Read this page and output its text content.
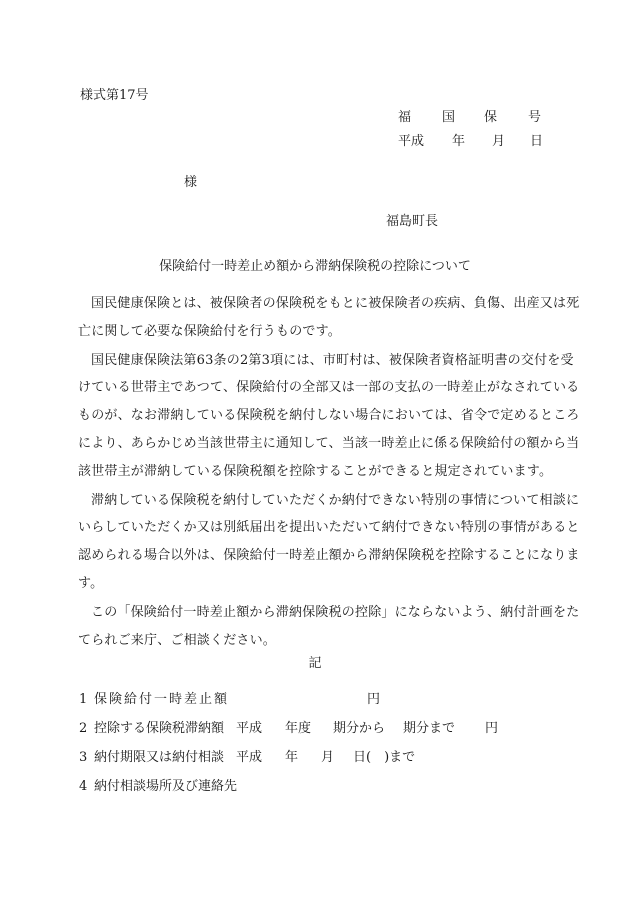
様式第17号
福	国	保	号
平成	年	月	日
様
福島町長
保険給付一時差止め額から滞納保険税の控除について

国民健康保険とは、被保険者の保険税をもとに被保険者の疾病、負傷、出産又は死亡に関して必要な保険給付を行うものです。

国民健康保険法第63条の2第3項には、市町村は、被保険者資格証明書の交付を受けている世帯主であつて、保険給付の全部又は一部の支払の一時差止がなされているものが、なお滞納している保険税を納付しない場合においては、省令で定めるところにより、あらかじめ当該世帯主に通知して、当該一時差止に係る保険給付の額から当該世帯主が滞納している保険税額を控除することができると規定されています。

滞納している保険税を納付していただくか納付できない特別の事情について相談にいらしていただくか又は別紙届出を提出いただいて納付できない特別の事情があると認められる場合以外は、保険給付一時差止額から滞納保険税を控除することになります。

この「保険給付一時差止額から滞納保険税の控除」にならないよう、納付計画をたてられご来庁、ご相談ください。

記
1 保険給付一時差止額	円
2 控除する保険税滞納額 平成 年度 期分から 期分まで 円
3 納付期限又は納付相談 平成 年 月 日(　)まで
4 納付相談場所及び連絡先
